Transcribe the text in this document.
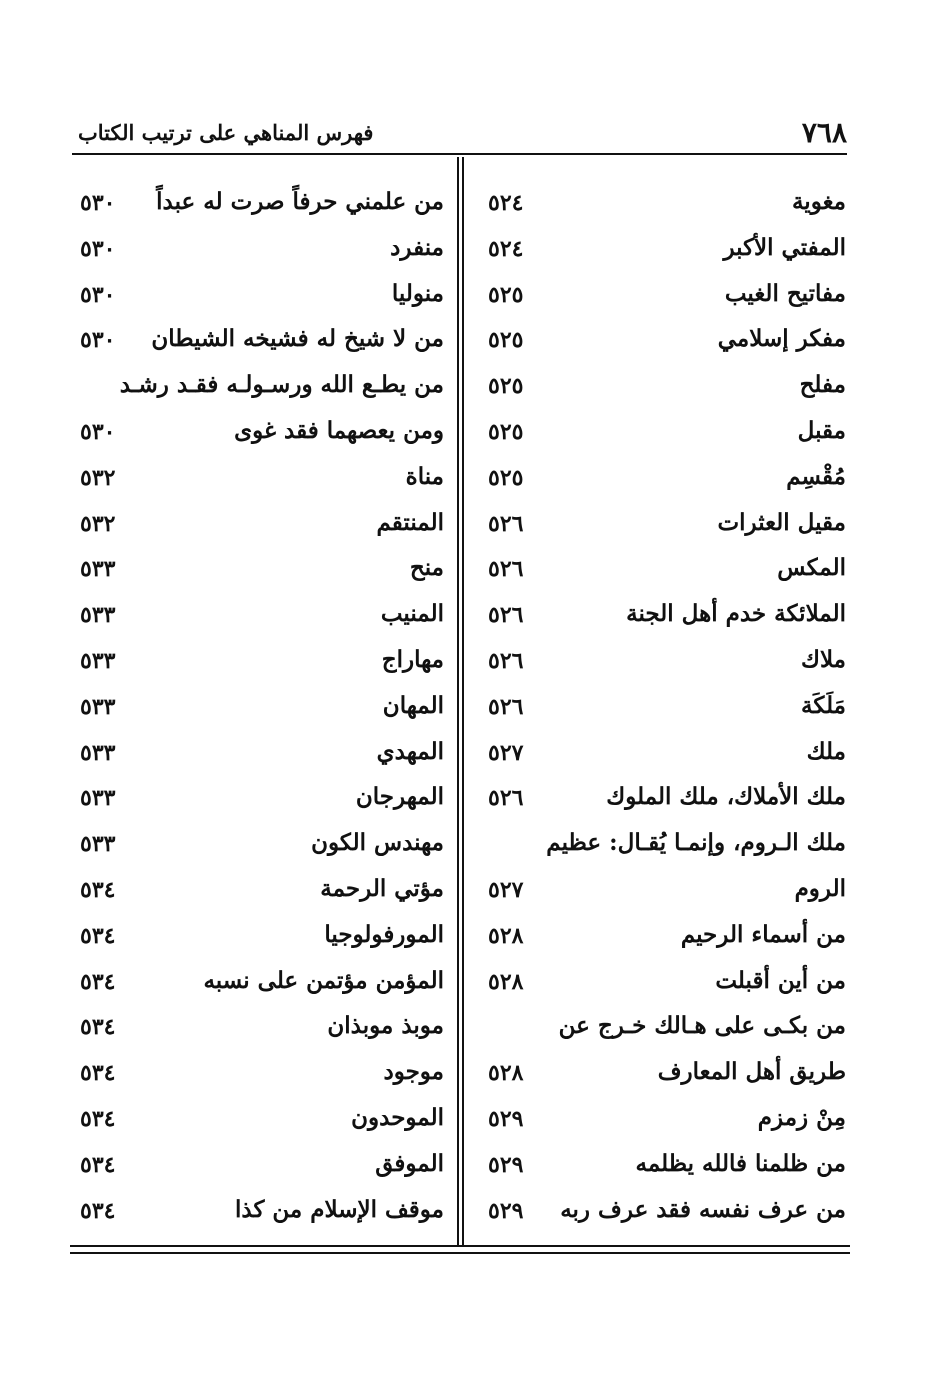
٧٦٨
فهرس المناهي على ترتيب الكتاب
مغوية
٥٢٤
المفتي الأكبر
٥٢٤
مفاتيح الغيب
٥٢٥
مفكر إسلامي
٥٢٥
مفلح
٥٢٥
مقبل
٥٢٥
مُقْسِم
٥٢٥
مقيل العثرات
٥٢٦
المكس
٥٢٦
الملائكة خدم أهل الجنة
٥٢٦
ملاك
٥٢٦
مَلَكَة
٥٢٦
ملك
٥٢٧
ملك الأملاك، ملك الملوك
٥٢٦
ملك الـروم، وإنمـا يُقـال: عظيم
الروم
٥٢٧
من أسماء الرحيم
٥٢٨
من أين أقبلت
٥٢٨
من بكـى على هـالك خـرج عن
طريق أهل المعارف
٥٢٨
مِنْ زمزم
٥٢٩
من ظلمنا فالله يظلمه
٥٢٩
من عرف نفسه فقد عرف ربه
٥٢٩
من علمني حرفاً صرت له عبداً
٥٣٠
منفرد
٥٣٠
منوليا
٥٣٠
من لا شيخ له فشيخه الشيطان
٥٣٠
من يطـع الله ورسـولـه فقـد رشـد
ومن يعصهما فقد غوى
٥٣٠
مناة
٥٣٢
المنتقم
٥٣٢
منح
٥٣٣
المنيب
٥٣٣
مهاراج
٥٣٣
المهان
٥٣٣
المهدي
٥٣٣
المهرجان
٥٣٣
مهندس الكون
٥٣٣
مؤتي الرحمة
٥٣٤
المورفولوجيا
٥٣٤
المؤمن مؤتمن على نسبه
٥٣٤
موبذ موبذان
٥٣٤
موجود
٥٣٤
الموحدون
٥٣٤
الموفق
٥٣٤
موقف الإسلام من كذا
٥٣٤
